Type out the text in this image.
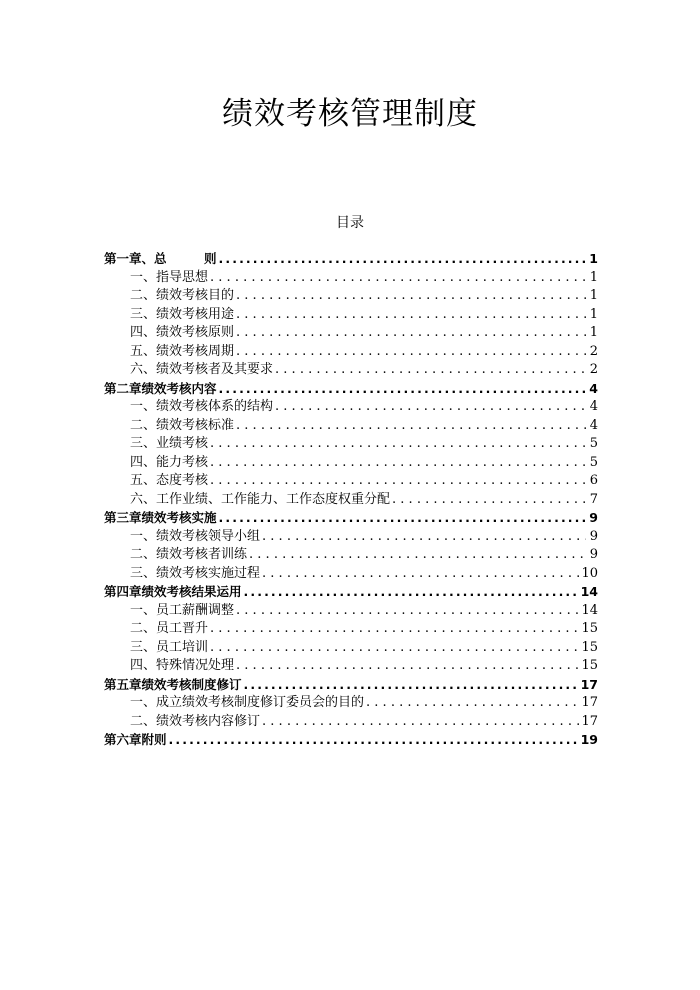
绩效考核管理制度
目录
第一章、 总　　　则 .....	1
一、 指导思想 . . .	1
二、 绩效考核目的 . . .	1
三、 绩效考核用途 . . .	1
四、 绩效考核原则 . . .	1
五、 绩效考核周期 . . .	2
六、 绩效考核者及其要求 . . .	2
第二章 绩效考核内容 .....	4
一、 绩效考核体系的结构 . . .	4
二、 绩效考核标准 . . .	4
三、 业绩考核 . . .	5
四、 能力考核 . . .	5
五、 态度考核 . . .	6
六、 工作业绩、工作能力、工作态度权重分配 . . .	7
第三章 绩效考核实施 .....	9
一、 绩效考核领导小组 . . .	9
二、 绩效考核者训练 . . .	9
三、 绩效考核实施过程 . . .	10
第四章 绩效考核结果运用 .....	14
一、 员工薪酬调整 . . .	14
二、 员工晋升 . . .	15
三、 员工培训 . . .	15
四、 特殊情况处理 . . .	15
第五章 绩效考核制度修订 .....	17
一、 成立绩效考核制度修订委员会的目的 . . .	17
二、 绩效考核内容修订 . . .	17
第六章 附则 .....	19
